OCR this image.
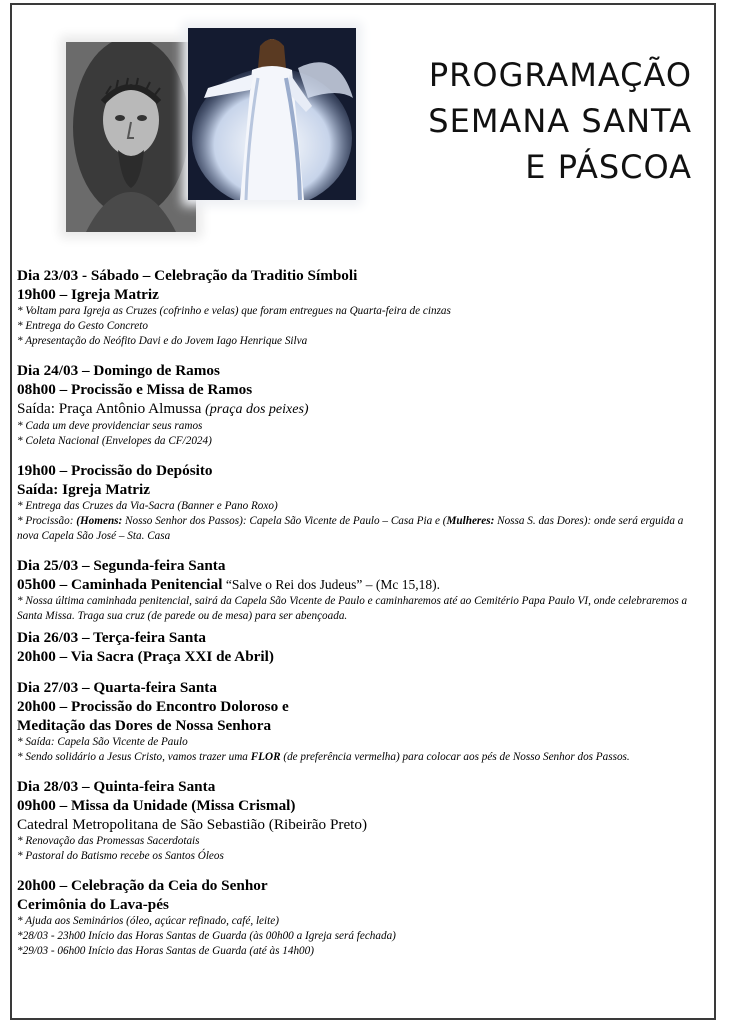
PROGRAMAÇÃO
SEMANA SANTA
E PÁSCOA
Dia 23/03 - Sábado – Celebração da Traditio Símboli
19h00 – Igreja Matriz
* Voltam para Igreja as Cruzes (cofrinho e velas) que foram entregues na Quarta-feira de cinzas
* Entrega do Gesto Concreto
* Apresentação do Neófito Davi e do Jovem Iago Henrique Silva
Dia 24/03 – Domingo de Ramos
08h00 – Procissão e Missa de Ramos
Saída: Praça Antônio Almussa (praça dos peixes)
* Cada um deve providenciar seus ramos
* Coleta Nacional (Envelopes da CF/2024)
19h00 – Procissão do Depósito
Saída: Igreja Matriz
* Entrega das Cruzes da Via-Sacra (Banner e Pano Roxo)
* Procissão: (Homens: Nosso Senhor dos Passos): Capela São Vicente de Paulo – Casa Pia e (Mulheres: Nossa S. das Dores): onde será erguida a nova Capela São José – Sta. Casa
Dia 25/03 – Segunda-feira Santa
05h00 – Caminhada Penitencial “Salve o Rei dos Judeus” – (Mc 15,18).
* Nossa última caminhada penitencial, sairá da Capela São Vicente de Paulo e caminharemos até ao Cemitério Papa Paulo VI, onde celebraremos a Santa Missa. Traga sua cruz (de parede ou de mesa) para ser abençoada.
Dia 26/03 – Terça-feira Santa
20h00 – Via Sacra (Praça XXI de Abril)
Dia 27/03 – Quarta-feira Santa
20h00 – Procissão do Encontro Doloroso e
Meditação das Dores de Nossa Senhora
* Saída: Capela São Vicente de Paulo
* Sendo solidário a Jesus Cristo, vamos trazer uma FLOR (de preferência vermelha) para colocar aos pés de Nosso Senhor dos Passos.
Dia 28/03 – Quinta-feira Santa
09h00 – Missa da Unidade (Missa Crismal)
Catedral Metropolitana de São Sebastião (Ribeirão Preto)
* Renovação das Promessas Sacerdotais
* Pastoral do Batismo recebe os Santos Óleos
20h00 – Celebração da Ceia do Senhor
Cerimônia do Lava-pés
* Ajuda aos Seminários (óleo, açúcar refinado, café, leite)
*28/03 - 23h00 Início das Horas Santas de Guarda (às 00h00 a Igreja será fechada)
*29/03 - 06h00 Início das Horas Santas de Guarda (até às 14h00)
